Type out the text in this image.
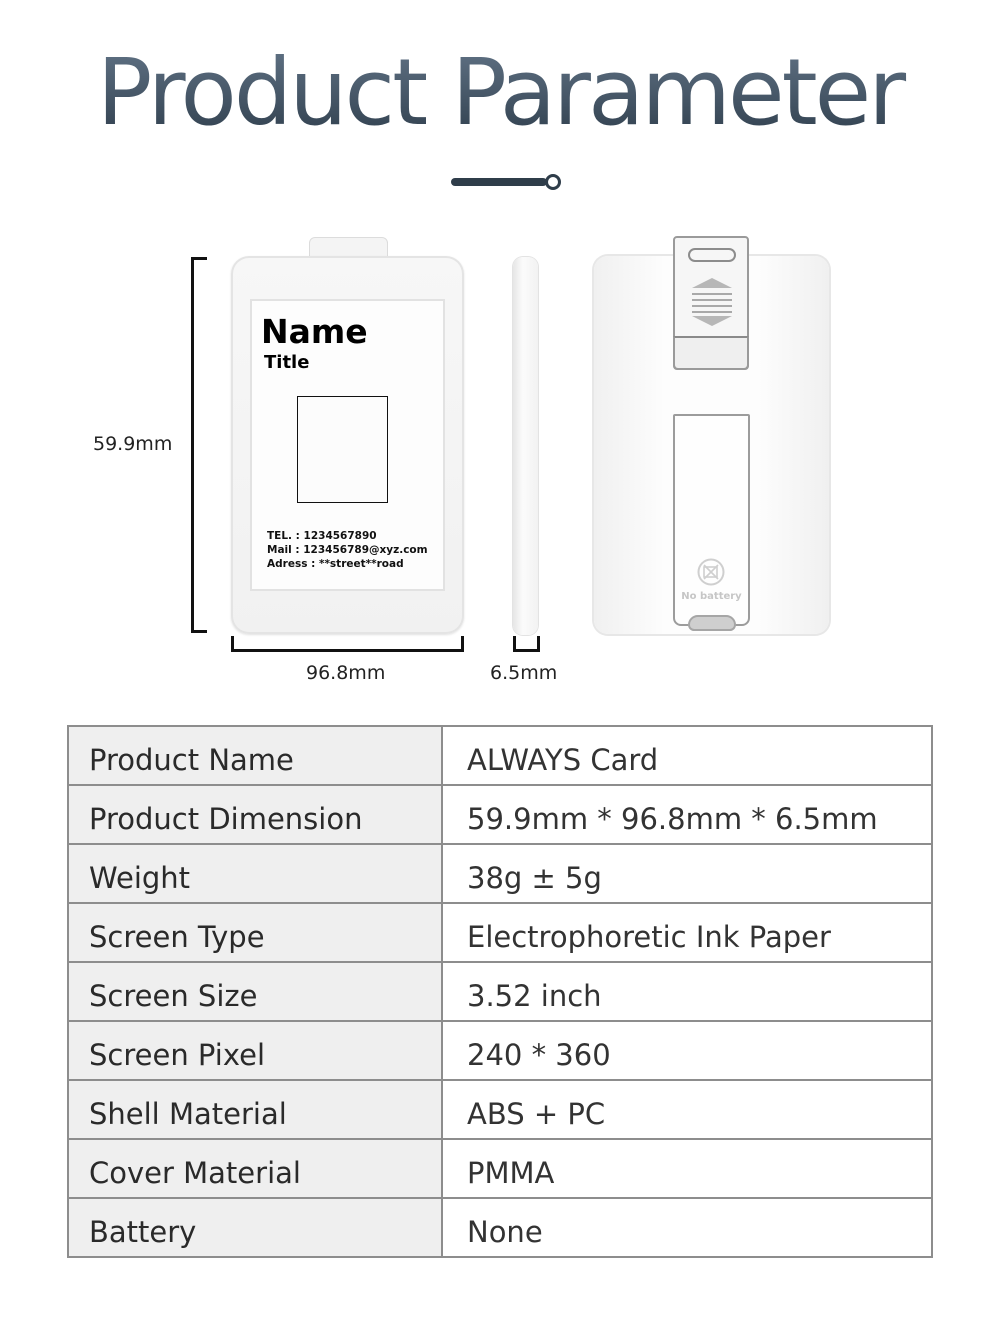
Product Parameter
59.9mm
96.8mm	6.5mm
Name
Title
TEL. : 1234567890
Mail : 123456789@xyz.com
Adress : **street**road
No battery
Product Name	ALWAYS Card
Product Dimension	59.9mm * 96.8mm * 6.5mm
Weight	38g ± 5g
Screen Type	Electrophoretic Ink Paper
Screen Size	3.52 inch
Screen Pixel	240 * 360
Shell Material	ABS + PC
Cover Material	PMMA
Battery	None
